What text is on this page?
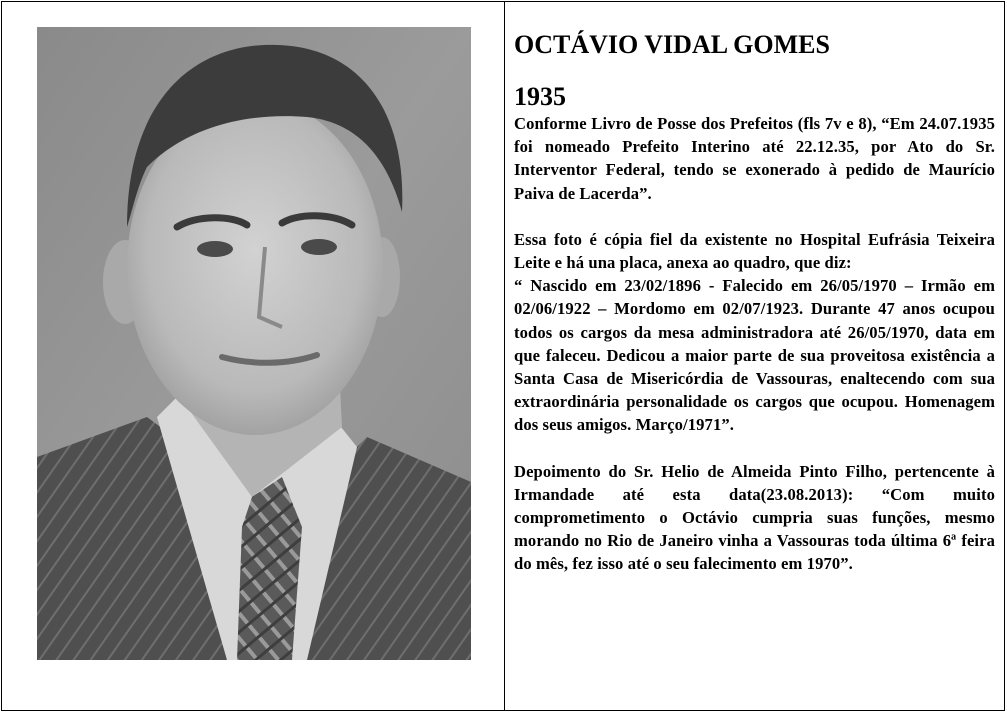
OCTÁVIO VIDAL GOMES
1935

Conforme Livro de Posse dos Prefeitos (fls 7v e 8), “Em 24.07.1935 foi nomeado Prefeito Interino até 22.12.35, por Ato do Sr. Interventor Federal, tendo se exonerado à pedido de Maurício Paiva de Lacerda”.

Essa foto é cópia fiel da existente no Hospital Eufrásia Teixeira Leite e há una placa, anexa ao quadro, que diz:

“ Nascido em 23/02/1896 - Falecido em 26/05/1970 – Irmão em 02/06/1922 – Mordomo em 02/07/1923. Durante 47 anos ocupou todos os cargos da mesa administradora até 26/05/1970, data em que faleceu. Dedicou a maior parte de sua proveitosa existência a Santa Casa de Misericórdia de Vassouras, enaltecendo com sua extraordinária personalidade os cargos que ocupou. Homenagem dos seus amigos. Março/1971”.

Depoimento do Sr. Helio de Almeida Pinto Filho, pertencente à Irmandade até esta data(23.08.2013): “Com muito comprometimento o Octávio cumpria suas funções, mesmo morando no Rio de Janeiro vinha a Vassouras toda última 6ª feira do mês, fez isso até o seu falecimento em 1970”.
